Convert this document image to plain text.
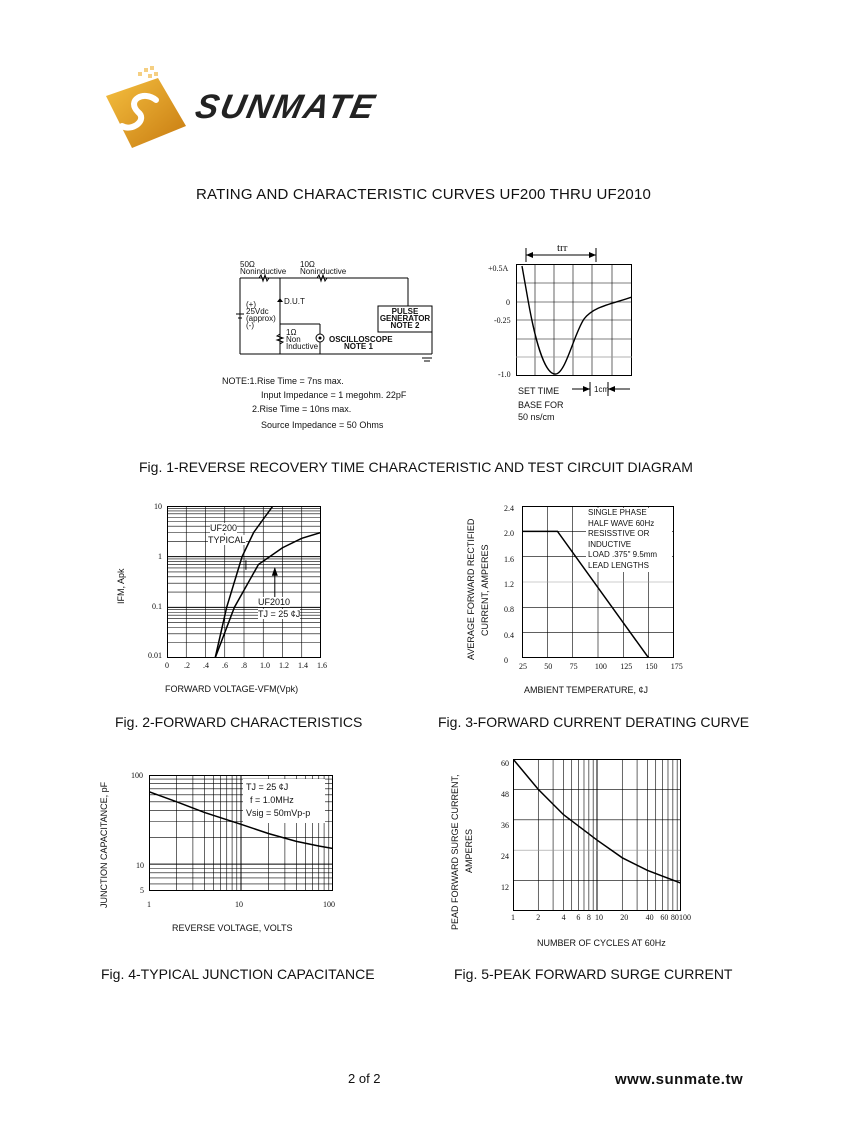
SUNMATE
RATING AND CHARACTERISTIC CURVES UF200 THRU UF2010
50Ω
Noninductive
10Ω
Noninductive
D.U.T
(+)
25Vdc
(approx)
(-)
1Ω
Non
Inductive
OSCILLOSCOPE
NOTE 1
PULSE
GENERATOR
NOTE 2
NOTE:1.Rise Time = 7ns max.
Input Impedance = 1 megohm. 22pF
2.Rise Time = 10ns max.
Source Impedance = 50 Ohms
trr
+0.5A
0
-0.25
-1.0
SET TIME
BASE FOR
50 ns/cm
1cm
Fig. 1-REVERSE RECOVERY TIME CHARACTERISTIC AND TEST CIRCUIT DIAGRAM
IFM, Apk
10
1
0.1
0.01
0 .2 .4 .6 .8 1.0 1.2 1.4 1.6
FORWARD VOLTAGE-VFM(Vpk)
UF200
TYPICAL
UF2010
TJ = 25 ¢J
Fig. 2-FORWARD CHARACTERISTICS
AVERAGE FORWARD RECTIFIED CURRENT, AMPERES
2.4
2.0
1.6
1.2
0.8
0.4
0
25 50 75 100 125 150 175
AMBIENT TEMPERATURE, ¢J
SINGLE PHASE
HALF WAVE 60Hz
RESISSTIVE OR
INDUCTIVE
LOAD .375" 9.5mm
LEAD LENGTHS
Fig. 3-FORWARD CURRENT DERATING CURVE
JUNCTION CAPACITANCE, pF
100
10
5
1	10	100
REVERSE VOLTAGE, VOLTS
TJ = 25 ¢J
f = 1.0MHz
Vsig = 50mVp-p
Fig. 4-TYPICAL JUNCTION CAPACITANCE
PEAD FORWARD SURGE CURRENT, AMPERES
60
48
36
24
12
1	2	4 6 8 10 20 40 60 80 100
NUMBER OF CYCLES AT 60Hz
Fig. 5-PEAK FORWARD SURGE CURRENT
2 of 2	www.sunmate.tw
